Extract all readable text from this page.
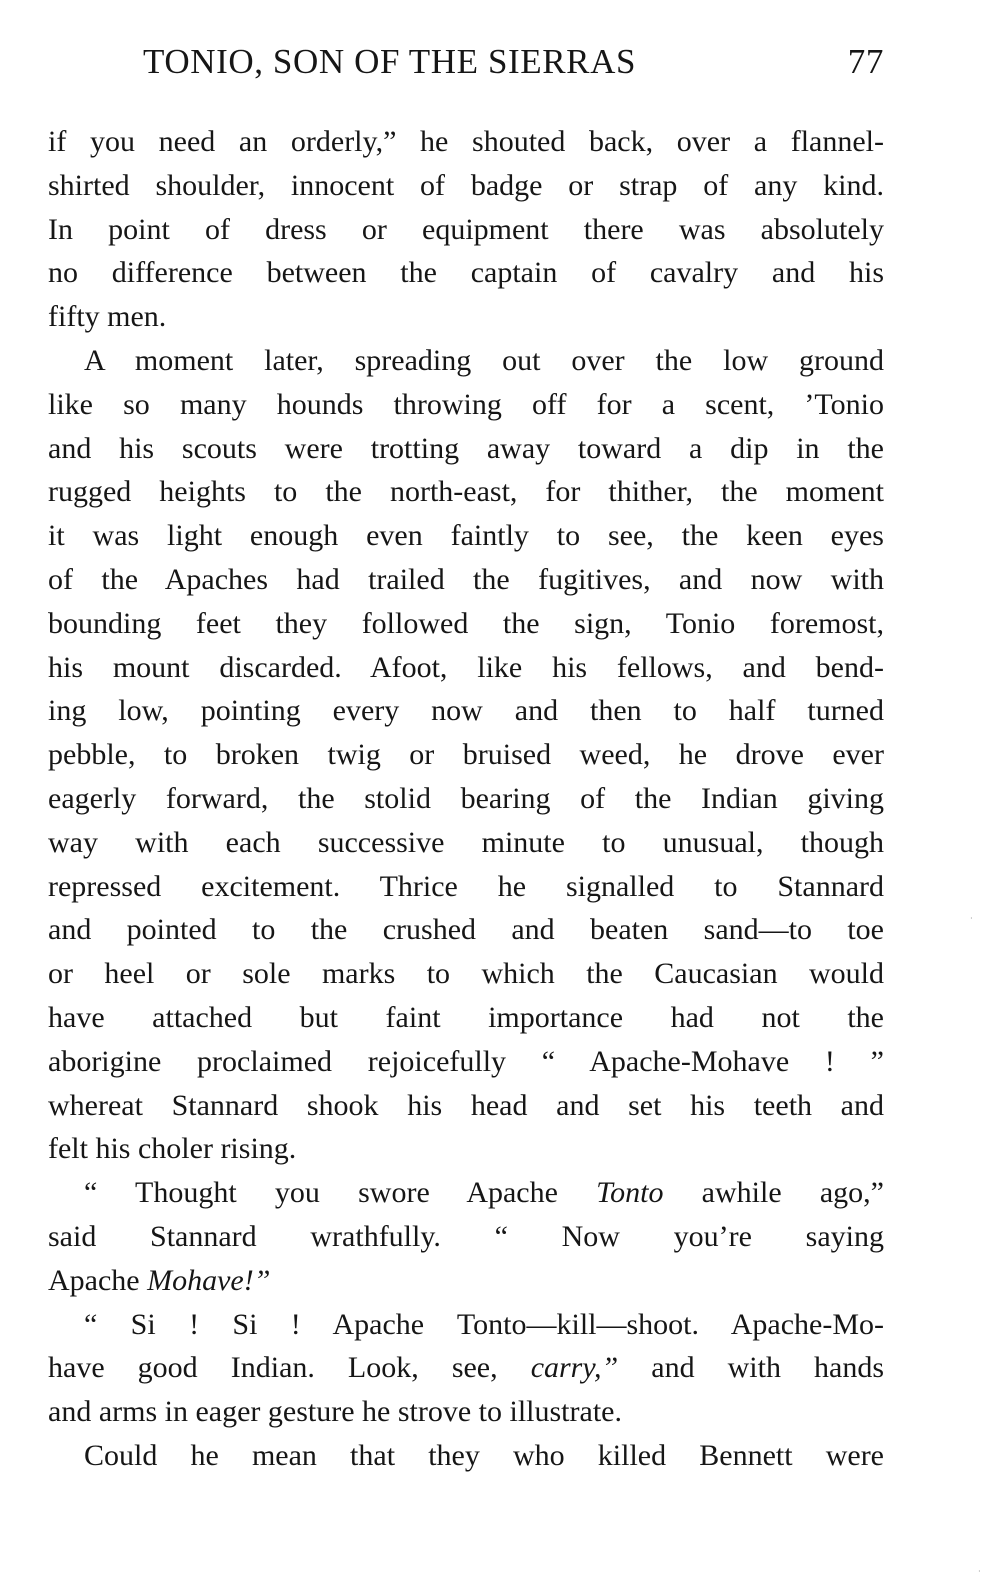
TONIO, SON OF THE SIERRAS	77
if you need an orderly,” he shouted back, over a flannel-
shirted shoulder, innocent of badge or strap of any kind.
In point of dress or equipment there was absolutely
no difference between the captain of cavalry and his
fifty men.
A moment later, spreading out over the low ground
like so many hounds throwing off for a scent, ’Tonio
and his scouts were trotting away toward a dip in the
rugged heights to the north-east, for thither, the moment
it was light enough even faintly to see, the keen eyes
of the Apaches had trailed the fugitives, and now with
bounding feet they followed the sign, Tonio foremost,
his mount discarded. Afoot, like his fellows, and bend-
ing low, pointing every now and then to half turned
pebble, to broken twig or bruised weed, he drove ever
eagerly forward, the stolid bearing of the Indian giving
way with each successive minute to unusual, though
repressed excitement. Thrice he signalled to Stannard
and pointed to the crushed and beaten sand—to toe
or heel or sole marks to which the Caucasian would
have attached but faint importance had not the
aborigine proclaimed rejoicefully “ Apache-Mohave ! ”
whereat Stannard shook his head and set his teeth and
felt his choler rising.
“ Thought you swore Apache Tonto awhile ago,”
said Stannard wrathfully. “ Now you’re saying
Apache Mohave!”
“ Si ! Si ! Apache Tonto—kill—shoot. Apache-Mo-
have good Indian. Look, see, carry,” and with hands
and arms in eager gesture he strove to illustrate.
Could he mean that they who killed Bennett were
·
·
